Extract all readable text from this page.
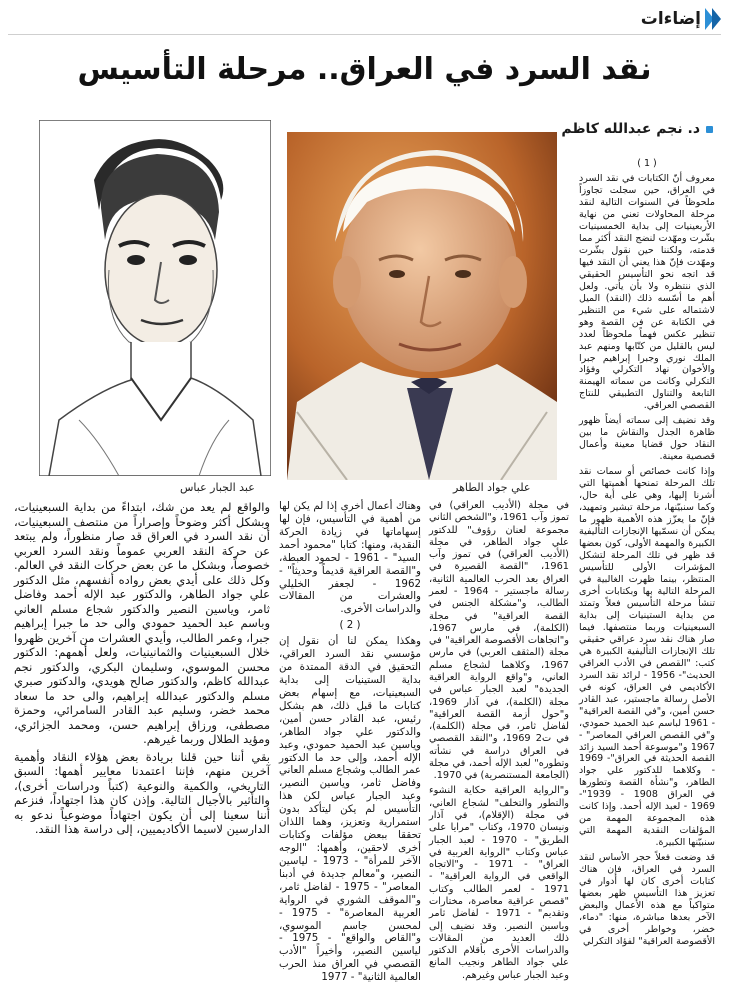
إضاءات
نقد السرد في العراق.. مرحلة التأسيس
د. نجم عبدالله كاظم
عبد الجبار عباس	علي جواد الطاهر
( 1 )

معروف أنّ الكتابات في نقد السرد في العراق، حين سجلت تجاوزاً ملحوظاً في السنوات التالية لنقد مرحلة المحاولات تعني من نهاية الأربعينيات إلى بداية الخمسينيات بشّرت ومهّدت لنضج النقد أكثر مما قدمته، ولكننا حين نقول بشّرت ومهّدت فإنّ هذا يعني أن النقد فيها قد اتجه نحو التأسيس الحقيقي الذي ننتظره ولا بأن يأتي. ولعل أهم ما أسّسه ذلك (النقد) الميل لاشتماله على شيء من التنظير في الكتابة عن فن القصة وهو تنظير عكس فهماً ملحوظاً لعدد ليس بالقليل من كتّابها ومنهم عبد الملك نوري وجبرا إبراهيم جبرا والأخوان نهاد التكرلي وفؤاد التكرلي وكانت من سماته الهيمنة التابعة والتناول التطبيقي للنتاج القصصي العراقي.

وقد نضيف إلى سماته أيضاً ظهور ظاهرة الجدل والنقاش ما بين النقاد حول قضايا معينة وأعمال قصصية معينة.

وإذا كانت خصائص أو سمات نقد تلك المرحلة تمنحها أهميتها التي أشرنا إليها، وهي على أية حال، وكما سنبيّنها، مرحلة تبشير وتمهيد، فإنّ ما يعزّز هذه الأهمية ظهور ما يمكن أن نسمّيها الإنجازات التأليفية الكبيرة والمهمة الأولى، كون بعضها قد ظهر في تلك المرحلة لتشكل المؤشرات الأولى للتأسيس المنتظر، بينما ظهرت الغالبية في المرحلة التالية بها وبكتابات أخرى تنشأ مرحلة التأسيس فعلاً وتمتد من بداية الستينيات إلى بداية السبعينيات وربما منتصفها. فيما صار هناك نقد سرد عراقي حقيقي تلك الإنجازات التأليفية الكبيرة هي كتب: "القصص في الأدب العراقي الحديث"- 1956 - لرائد نقد السرد الأكاديمي في العراق، كونه في الأصل رسالة ماجستير، عبد القادر حسن أمين، و"في القصة العراقية" - 1961 لباسم عبد الحميد حمودي، و"في القصص العراقي المعاصر" - 1967 و"موسوعة أحمد السيد زائد القصة الحديثة في العراق"- 1969 - وكلاهما للدكتور علي جواد الطاهر، و"نشأة القصة وتطورها في العراق 1908 - 1939"- 1969 - لعبد الإله أحمد. وإذا كانت هذه المجموعة المهمة من المؤلفات النقدية المهمة التي سنبيّنها الكبيرة.

قد وضعت فعلاً حجر الأساس لنقد السرد في العراق، فإن هناك كتابات أخرى كان لها أدوار في تعزيز هذا التأسيس ظهر بعضها متواكباً مع هذه الأعمال والبعض الآخر بعدها مباشرة، منها: "دماء، خضر، وخواطر أخرى في الأقصوصة العراقية" لفؤاد التكرلي

في مجلة (الأديب العراقي) في تموز وآب 1961، و"الشخص الثاني مجموعة لعنان رؤوف" للدكتور علي جواد الطاهر، في مجلة (الأديب العراقي) في تموز وآب 1961، "القصة القصيرة في العراق بعد الحرب العالمية الثانية، رسالة ماجستير - 1964 - لعمر الطالب، و"مشكلة الجنس في القصة العراقية" في مجلة (الكلمة)، في مارس 1967، و"اتجاهات الأقصوصة العراقية" في مجلة (المثقف العربي) في مارس 1967، وكلاهما لشجاع مسلم العاني، و"واقع الرواية العراقية الجديدة" لعبد الجبار عباس في مجلة (الكلمة)، في آذار 1969، و"حول أزمة القصة العراقية" لفاضل ثامر، في مجلة (الكلمة)، في ت2 1969، و"النقد القصصي في العراق دراسة في نشأته وتطوره" لعبد الإله أحمد، في مجلة (الجامعة المستنصرية) في 1970.

و"الرواية العراقية حكاية النشوء والتطور والتخلف" لشجاع العاني، في مجلة (الإقلام)، في آذار ونيسان 1970، وكتاب "مرايا على الطريق" - 1970 - لعبد الجبار عباس وكتاب "الرواية العربية في العراق" - 1971 - و"الاتجاه الواقعي في الرواية العراقية" - 1971 - لعمر الطالب وكتاب "قصص عراقية معاصرة، مختارات وتقديم" - 1971 - لفاضل ثامر وياسين النصير. وقد نضيف إلى ذلك العديد من المقالات والدراسات الأخرى بأقلام الدكتور علي جواد الطاهر ونجيب المانع وعبد الجبار عباس وغيرهم.

وهناك أعمال أخرى إذا لم يكن لها من أهمية في التأسيس، فإن لها إسهاماتها في زيادة الحركة النقدية، ومنها: كتابا "محمود أحمد السيد" - 1961 - لحمود العبطة، و"القصة العراقية قديماً وحديثاً" - 1962 - لجعفر الخليلي والعشرات من المقالات والدراسات الأخرى.

( 2 )

وهكذا يمكن لنا أن نقول إن مؤسسي نقد السرد العراقي، التحقيق في الدقة الممتدة من بداية الستينيات إلى بداية السبعينيات، مع إسهام بعض كتابات ما قبل ذلك، هم بشكل رئيس، عبد القادر حسن أمين، والدكتور علي جواد الطاهر، وياسين عبد الحميد حمودي، وعبد الإله أحمد، وإلى حد ما الدكتور عمر الطالب وشجاع مسلم العاني وفاضل ثامر، وياسين النصير، وعبد الجبار عباس لكن هذا التأسيس لم يكن ليتأكد بدون استمرارية وتعزيز، وهما اللذان تحققا ببعض مؤلفات وكتابات أخرى لاحقين، وأهمها: "الوجه الآخر للمرأة" - 1973 - لياسين النصير، و"معالم جديدة في أدبنا المعاصر" - 1975 - لفاضل ثامر، و"الموقف الشوري في الرواية العربية المعاصرة" - 1975 - لمحسن جاسم الموسوي، و"القاص والواقع" - 1975 - لياسين النصير، وأخيراً "الأدب القصصي في العراق منذ الحرب العالمية الثانية" - 1977

والواقع لم يعد من شك، ابتداءً من بداية السبعينيات، وبشكل أكثر وضوحاً وإصراراً من منتصف السبعينيات، أن نقد السرد في العراق قد صار منظوراً، ولم يبتعد عن حركة النقد العربي عموماً ونقد السرد العربي خصوصاً، وبشكل ما عن بعض حركات النقد في العالم. وكل ذلك على أيدي بعض رواده أنفسهم، مثل الدكتور علي جواد الطاهر، والدكتور عبد الإله أحمد وفاضل ثامر، وياسين النصير والدكتور شجاع مسلم العاني وباسم عبد الحميد حمودي والى حد ما جبرا إبراهيم جبرا، وعمر الطالب، وأيدي العشرات من آخرين ظهروا خلال السبعينيات والثمانينيات، ولعل أهمهم: الدكتور محسن الموسوي، وسليمان البكري، والدكتور نجم عبدالله كاظم، والدكتور صالح هويدي، والدكتور صبري مسلم والدكتور عبدالله إبراهيم، والى حد ما سعاد محمد خضر، وسليم عبد القادر السامرائي، وحمزة مصطفى، ورزاق إبراهيم حسن، ومحمد الجزائري، ومؤيد الطلال وربما غيرهم.

بقي أننا حين قلنا بريادة بعض هؤلاء النقاد وأهمية آخرين منهم، فإننا اعتمدنا معايير أهمها: السبق التاريخي، والكمية والنوعية (كتباً ودراسات أخرى)، والتأثير بالأجيال التالية. وإذن كان هذا اجتهاداً، فنزعم أننا سعينا إلى أن يكون اجتهاداً موضوعياً ندعو به الدارسين لاسيما الأكاديميين، إلى دراسة هذا النقد.
